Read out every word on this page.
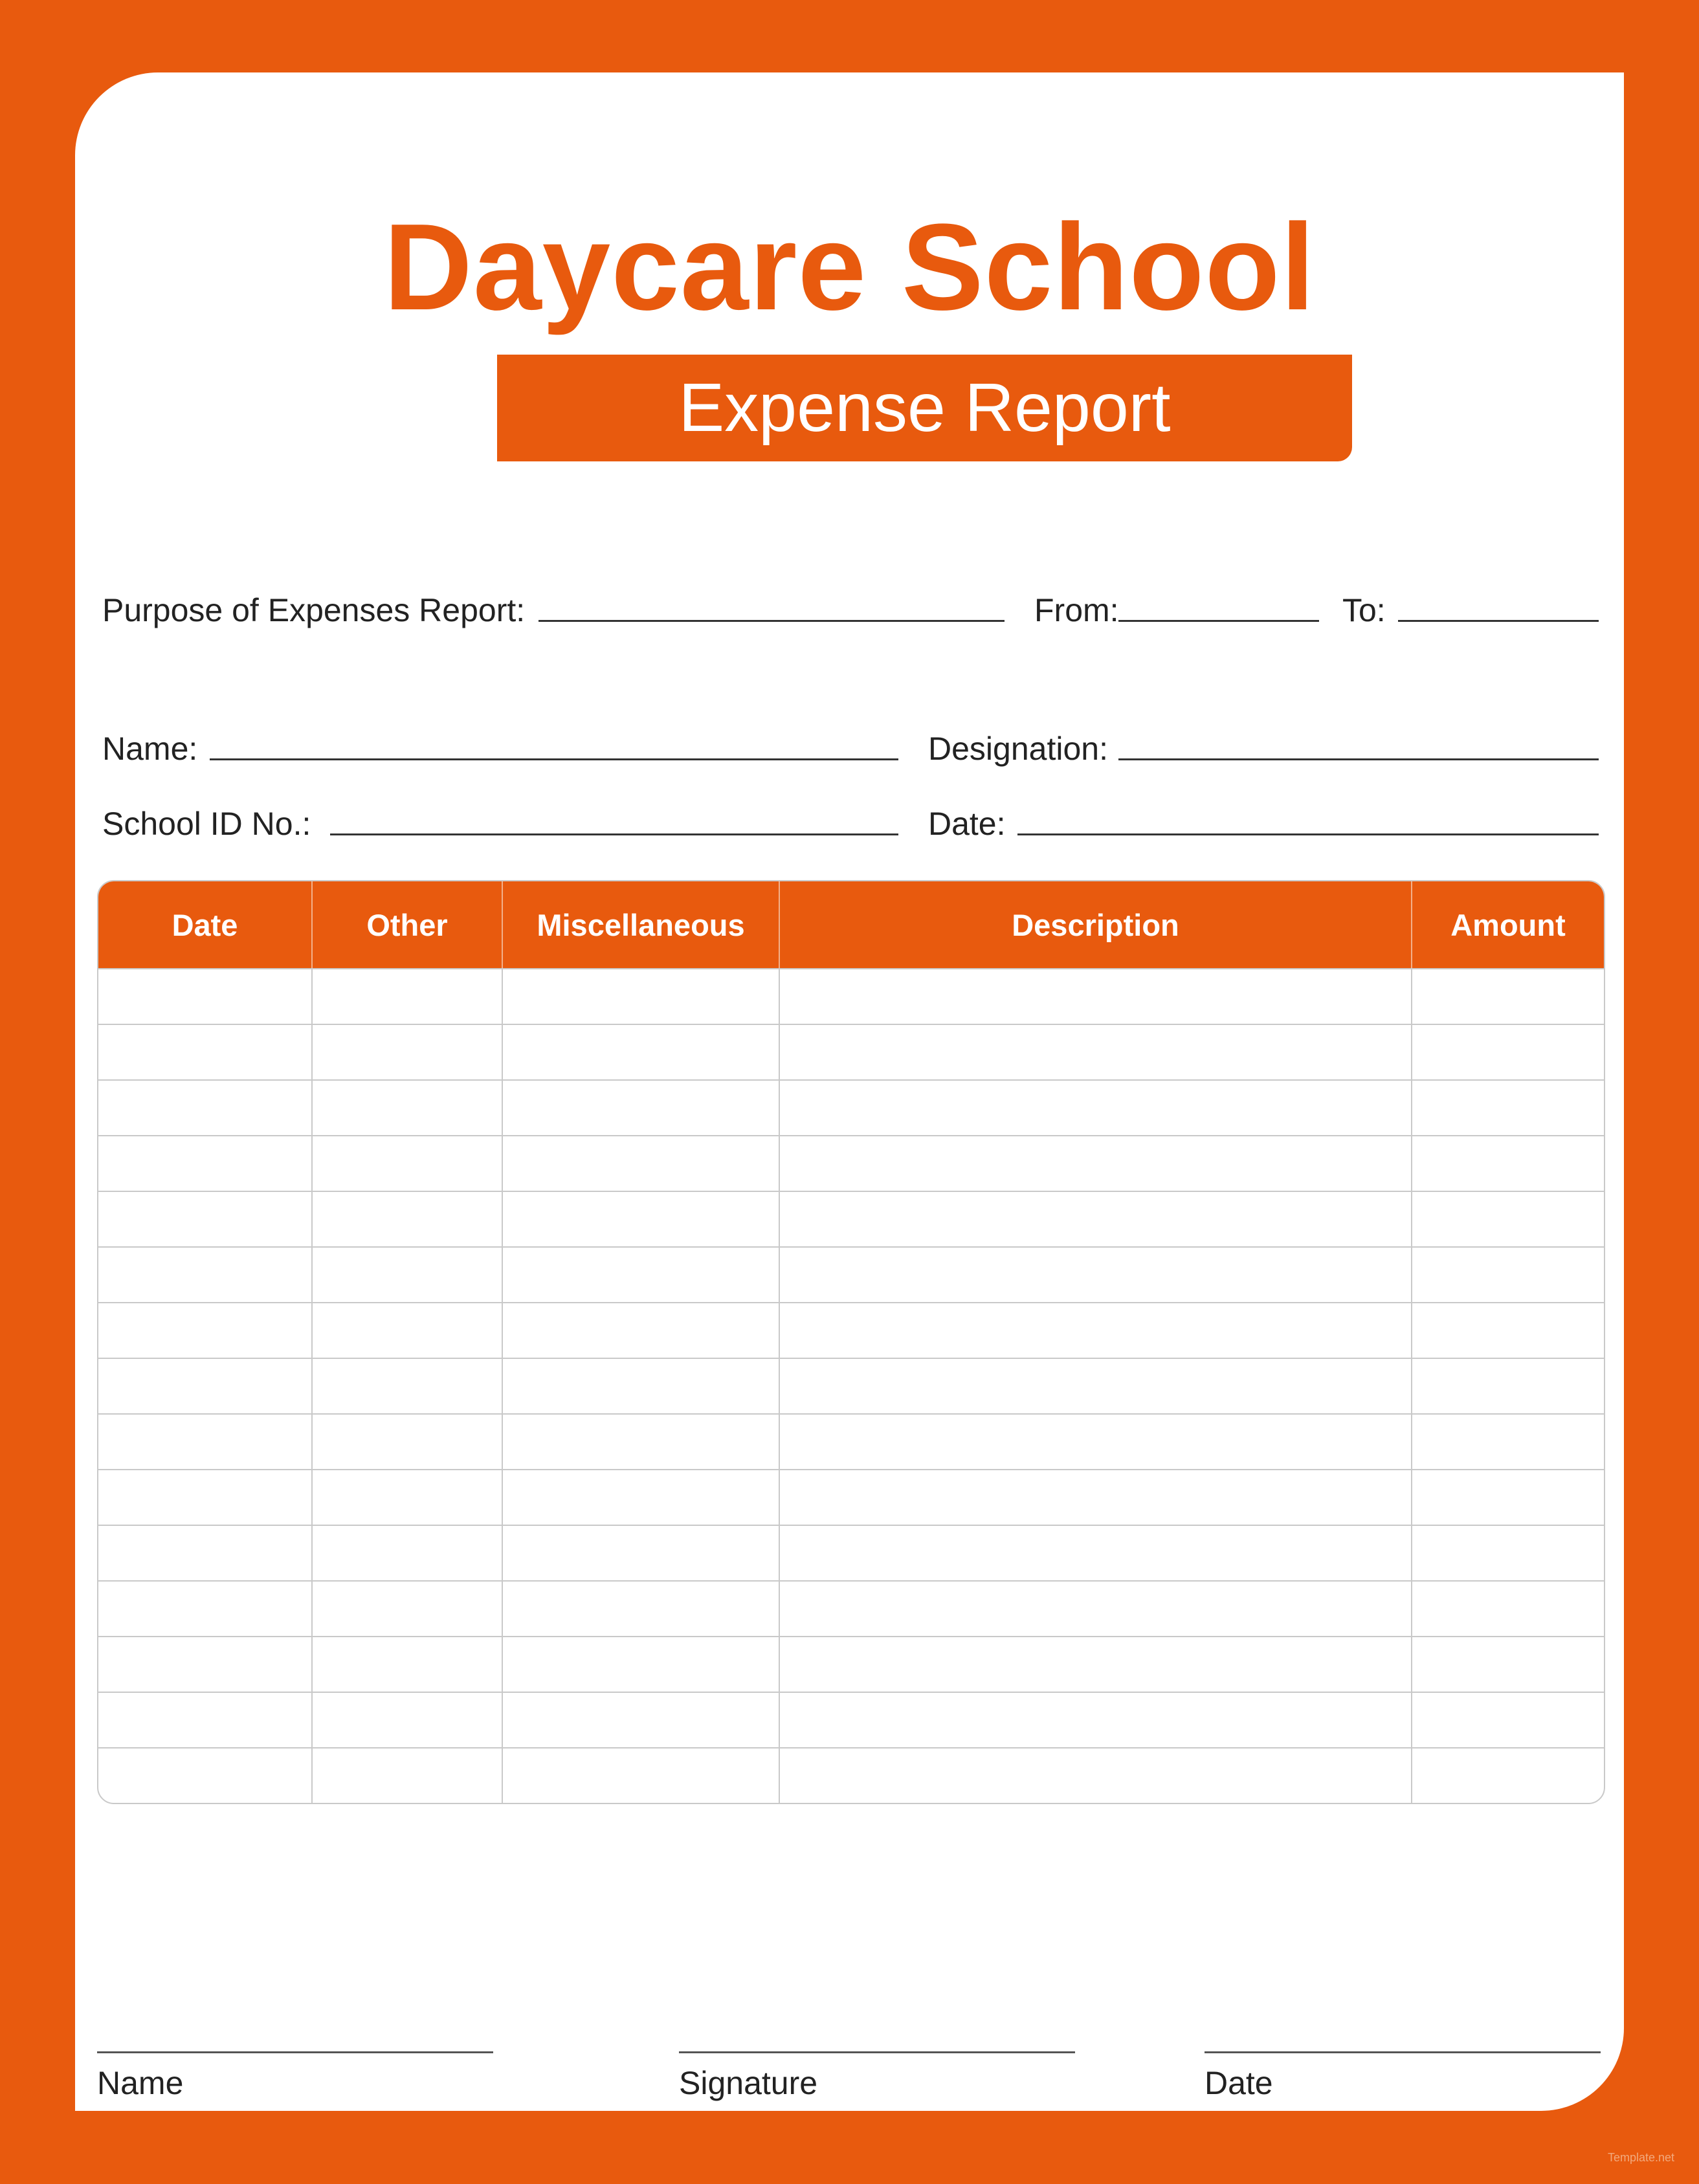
Daycare School
Expense Report
Purpose of Expenses Report:	From:	To:
Name:	Designation:
School ID No.:	Date:
Name	Signature	Date
Date	Other	Miscellaneous	Description	Amount

Template.net
